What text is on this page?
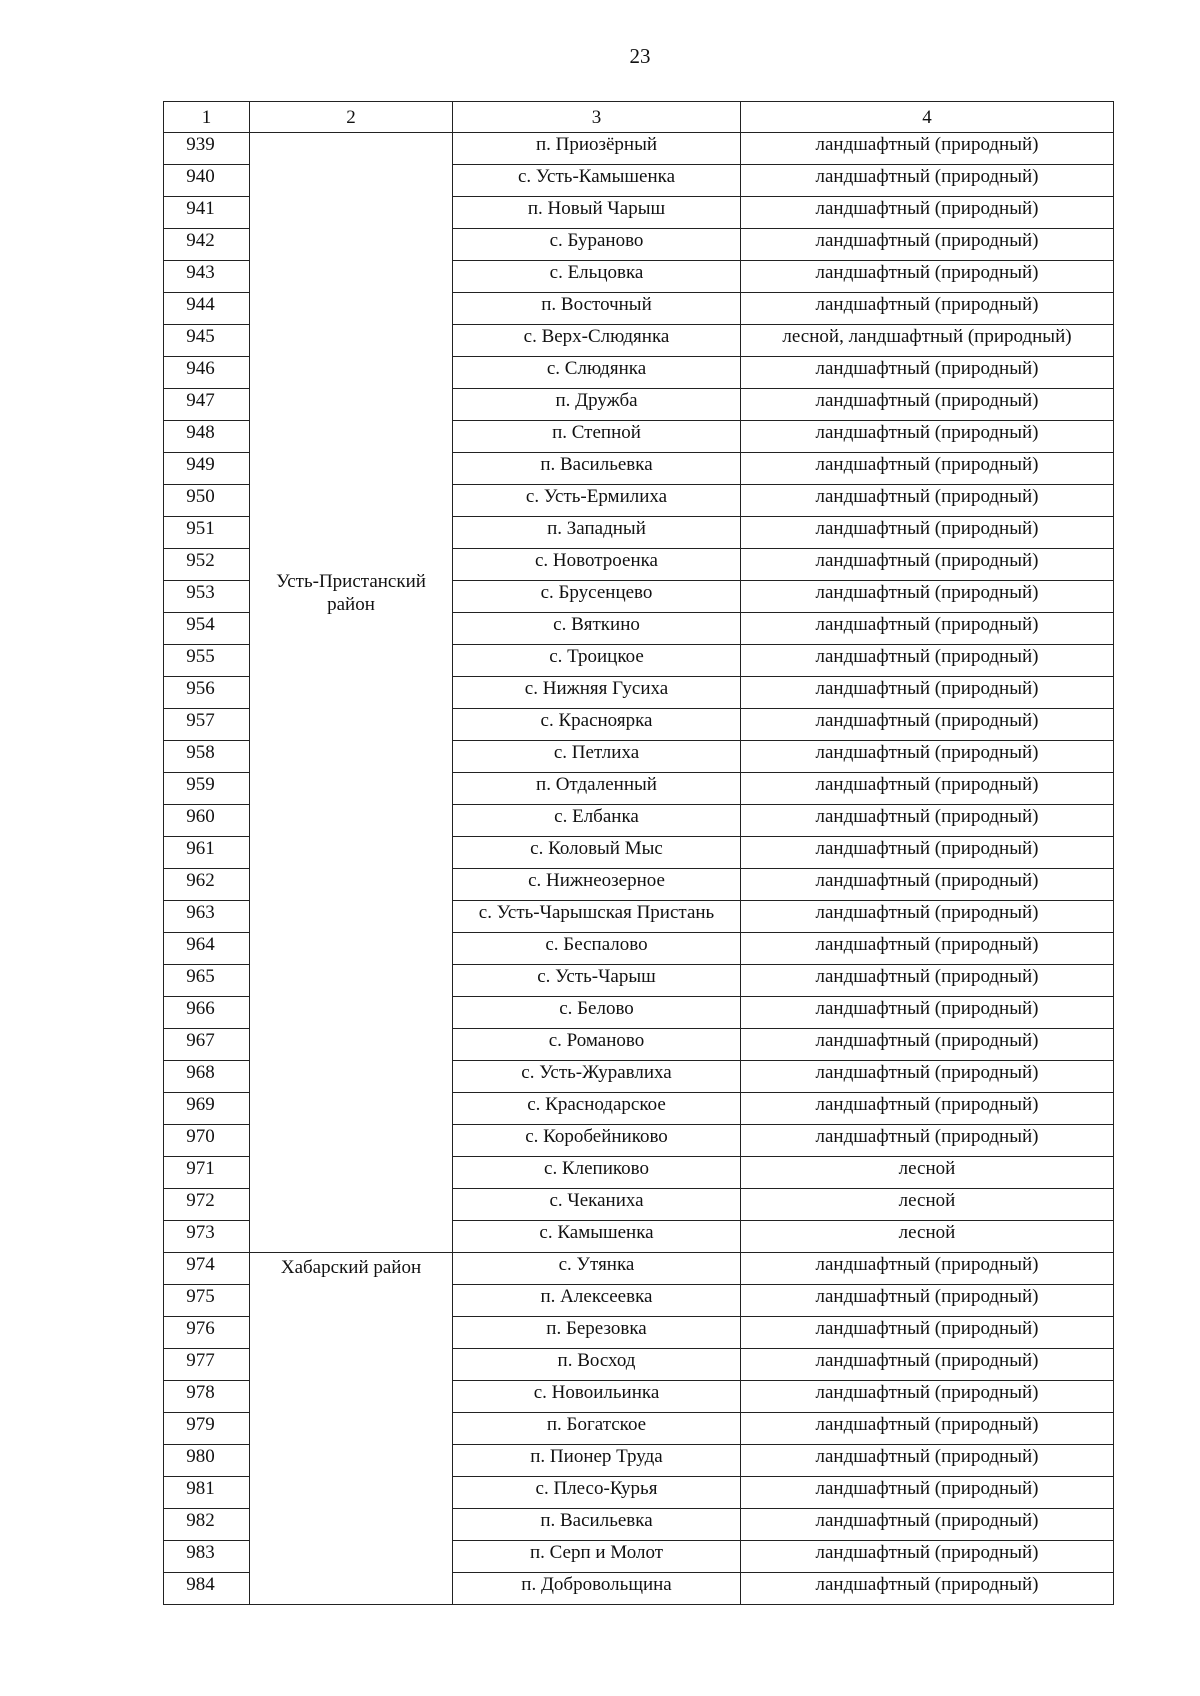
23
1	2	3	4
939	Усть-Пристанский район	п. Приозёрный	ландшафтный (природный)
940		с. Усть-Камышенка	ландшафтный (природный)
941		п. Новый Чарыш	ландшафтный (природный)
942		с. Бураново	ландшафтный (природный)
943		с. Ельцовка	ландшафтный (природный)
944		п. Восточный	ландшафтный (природный)
945		с. Верх-Слюдянка	лесной, ландшафтный (природный)
946		с. Слюдянка	ландшафтный (природный)
947		п. Дружба	ландшафтный (природный)
948		п. Степной	ландшафтный (природный)
949		п. Васильевка	ландшафтный (природный)
950		с. Усть-Ермилиха	ландшафтный (природный)
951		п. Западный	ландшафтный (природный)
952		с. Новотроенка	ландшафтный (природный)
953		с. Брусенцево	ландшафтный (природный)
954		с. Вяткино	ландшафтный (природный)
955		с. Троицкое	ландшафтный (природный)
956		с. Нижняя Гусиха	ландшафтный (природный)
957		с. Красноярка	ландшафтный (природный)
958		с. Петлиха	ландшафтный (природный)
959		п. Отдаленный	ландшафтный (природный)
960		с. Елбанка	ландшафтный (природный)
961		с. Коловый Мыс	ландшафтный (природный)
962		с. Нижнеозерное	ландшафтный (природный)
963		с. Усть-Чарышская Пристань	ландшафтный (природный)
964		с. Беспалово	ландшафтный (природный)
965		с. Усть-Чарыш	ландшафтный (природный)
966		с. Белово	ландшафтный (природный)
967		с. Романово	ландшафтный (природный)
968		с. Усть-Журавлиха	ландшафтный (природный)
969		с. Краснодарское	ландшафтный (природный)
970		с. Коробейниково	ландшафтный (природный)
971		с. Клепиково	лесной
972		с. Чеканиха	лесной
973		с. Камышенка	лесной
974	Хабарский район	с. Утянка	ландшафтный (природный)
975		п. Алексеевка	ландшафтный (природный)
976		п. Березовка	ландшафтный (природный)
977		п. Восход	ландшафтный (природный)
978		с. Новоильинка	ландшафтный (природный)
979		п. Богатское	ландшафтный (природный)
980		п. Пионер Труда	ландшафтный (природный)
981		с. Плесо-Курья	ландшафтный (природный)
982		п. Васильевка	ландшафтный (природный)
983		п. Серп и Молот	ландшафтный (природный)
984		п. Добровольщина	ландшафтный (природный)
